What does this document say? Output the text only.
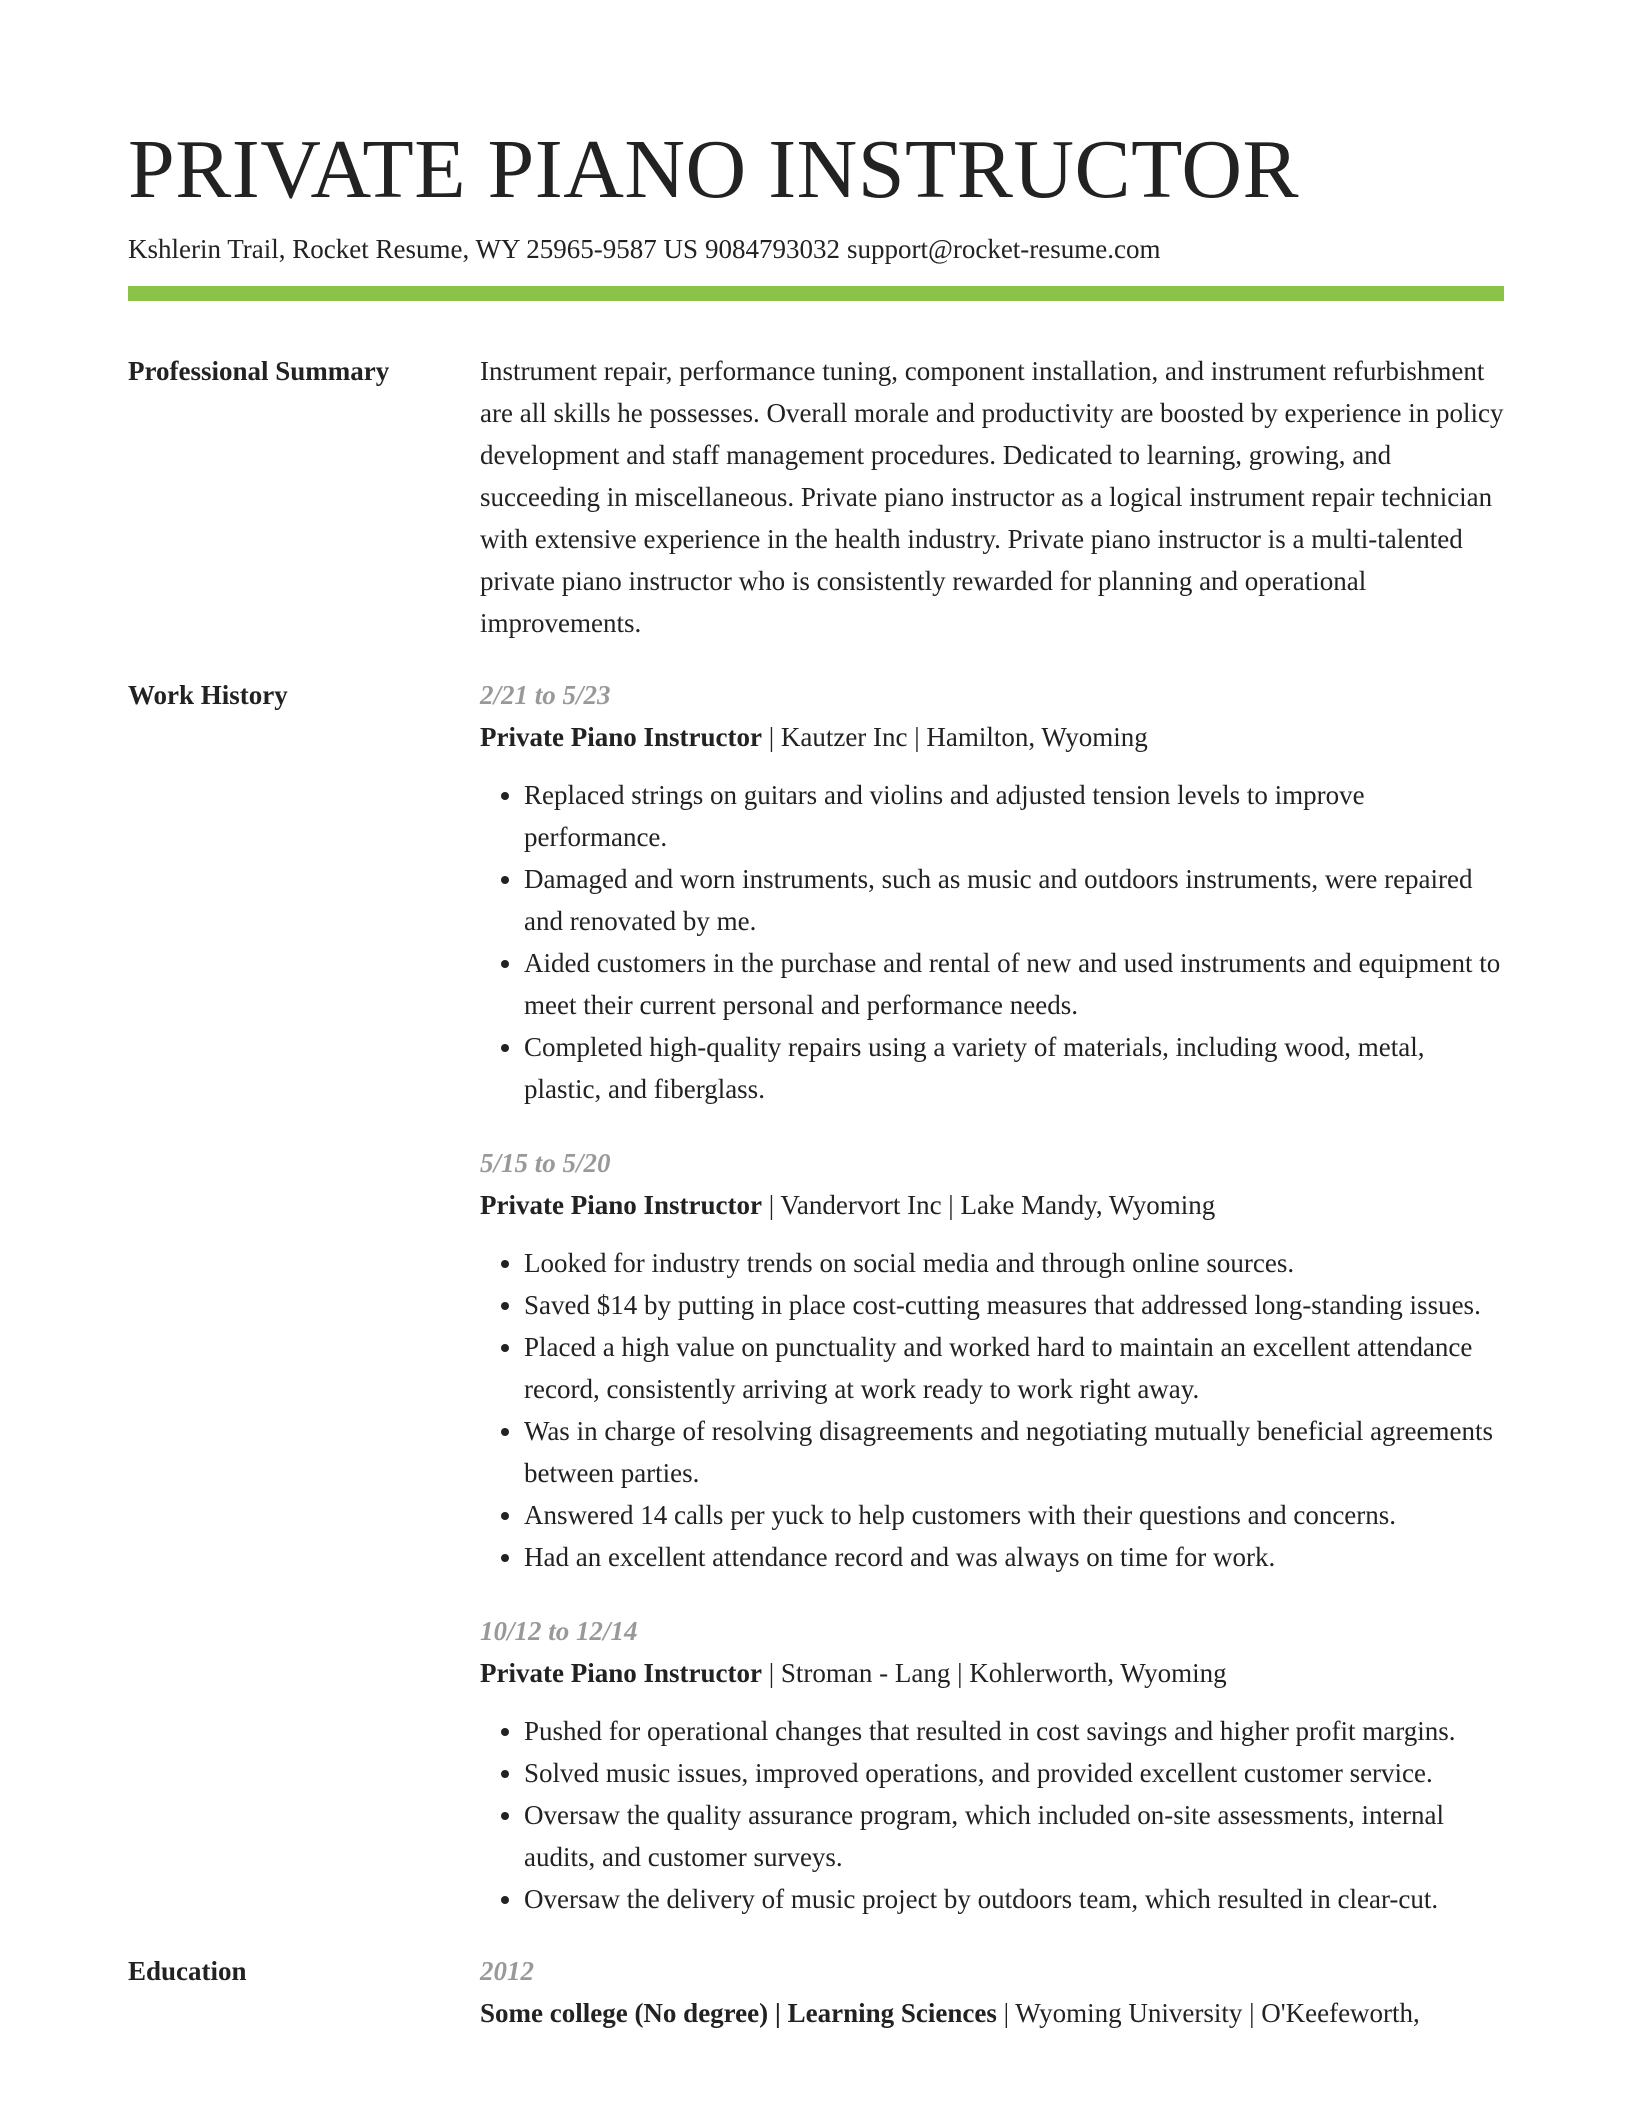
PRIVATE PIANO INSTRUCTOR
Kshlerin Trail, Rocket Resume, WY 25965-9587 US 9084793032 support@rocket-resume.com
Professional Summary	Instrument repair, performance tuning, component installation, and instrument refurbishment are all skills he possesses. Overall morale and productivity are boosted by experience in policy development and staff management procedures. Dedicated to learning, growing, and succeeding in miscellaneous. Private piano instructor as a logical instrument repair technician with extensive experience in the health industry. Private piano instructor is a multi-talented private piano instructor who is consistently rewarded for planning and operational improvements.

Work History	2/21 to 5/23
Private Piano Instructor | Kautzer Inc | Hamilton, Wyoming
• Replaced strings on guitars and violins and adjusted tension levels to improve performance.
• Damaged and worn instruments, such as music and outdoors instruments, were repaired and renovated by me.
• Aided customers in the purchase and rental of new and used instruments and equipment to meet their current personal and performance needs.
• Completed high-quality repairs using a variety of materials, including wood, metal, plastic, and fiberglass.
5/15 to 5/20
Private Piano Instructor | Vandervort Inc | Lake Mandy, Wyoming
• Looked for industry trends on social media and through online sources.
• Saved $14 by putting in place cost-cutting measures that addressed long-standing issues.
• Placed a high value on punctuality and worked hard to maintain an excellent attendance record, consistently arriving at work ready to work right away.
• Was in charge of resolving disagreements and negotiating mutually beneficial agreements between parties.
• Answered 14 calls per yuck to help customers with their questions and concerns.
• Had an excellent attendance record and was always on time for work.
10/12 to 12/14
Private Piano Instructor | Stroman - Lang | Kohlerworth, Wyoming
• Pushed for operational changes that resulted in cost savings and higher profit margins.
• Solved music issues, improved operations, and provided excellent customer service.
• Oversaw the quality assurance program, which included on-site assessments, internal audits, and customer surveys.
• Oversaw the delivery of music project by outdoors team, which resulted in clear-cut.
Education	2012
Some college (No degree) | Learning Sciences | Wyoming University | O'Keefeworth,
